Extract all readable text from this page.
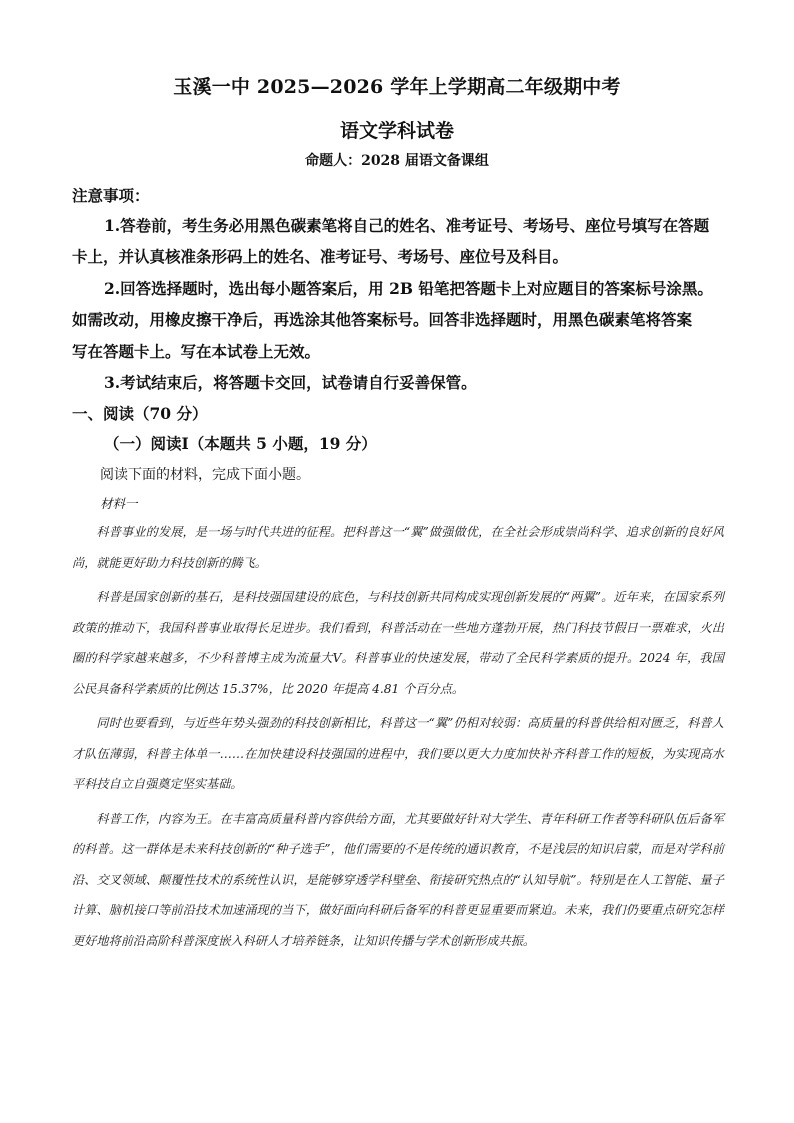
玉溪一中 2025—2026 学年上学期高二年级期中考
语文学科试卷
命题人：2028 届语文备课组
注意事项：
1.答卷前，考生务必用黑色碳素笔将自己的姓名、准考证号、考场号、座位号填写在答题
卡上，并认真核准条形码上的姓名、准考证号、考场号、座位号及科目。
2.回答选择题时，选出每小题答案后，用 2B 铅笔把答题卡上对应题目的答案标号涂黑。
如需改动，用橡皮擦干净后，再选涂其他答案标号。回答非选择题时，用黑色碳素笔将答案
写在答题卡上。写在本试卷上无效。
3.考试结束后，将答题卡交回，试卷请自行妥善保管。
一、阅读（70 分）
（一）阅读Ⅰ（本题共 5 小题，19 分）
阅读下面的材料，完成下面小题。
材料一

科普事业的发展，是一场与时代共进的征程。把科普这一“翼”做强做优，在全社会形成崇尚科学、追求创新的良好风尚，就能更好助力科技创新的腾飞。

科普是国家创新的基石，是科技强国建设的底色，与科技创新共同构成实现创新发展的“两翼”。近年来，在国家系列政策的推动下，我国科普事业取得长足进步。我们看到，科普活动在一些地方蓬勃开展，热门科技节假日一票难求，火出圈的科学家越来越多，不少科普博主成为流量大V。科普事业的快速发展，带动了全民科学素质的提升。2024 年，我国公民具备科学素质的比例达 15.37%，比 2020 年提高 4.81 个百分点。

同时也要看到，与近些年势头强劲的科技创新相比，科普这一“翼”仍相对较弱：高质量的科普供给相对匮乏，科普人才队伍薄弱，科普主体单一……在加快建设科技强国的进程中，我们要以更大力度加快补齐科普工作的短板，为实现高水平科技自立自强奠定坚实基础。

科普工作，内容为王。在丰富高质量科普内容供给方面，尤其要做好针对大学生、青年科研工作者等科研队伍后备军的科普。这一群体是未来科技创新的“种子选手”，他们需要的不是传统的通识教育，不是浅层的知识启蒙，而是对学科前沿、交叉领域、颠覆性技术的系统性认识，是能够穿透学科壁垒、衔接研究热点的“认知导航”。特别是在人工智能、量子计算、脑机接口等前沿技术加速涌现的当下，做好面向科研后备军的科普更显重要而紧迫。未来，我们仍要重点研究怎样更好地将前沿高阶科普深度嵌入科研人才培养链条，让知识传播与学术创新形成共振。
